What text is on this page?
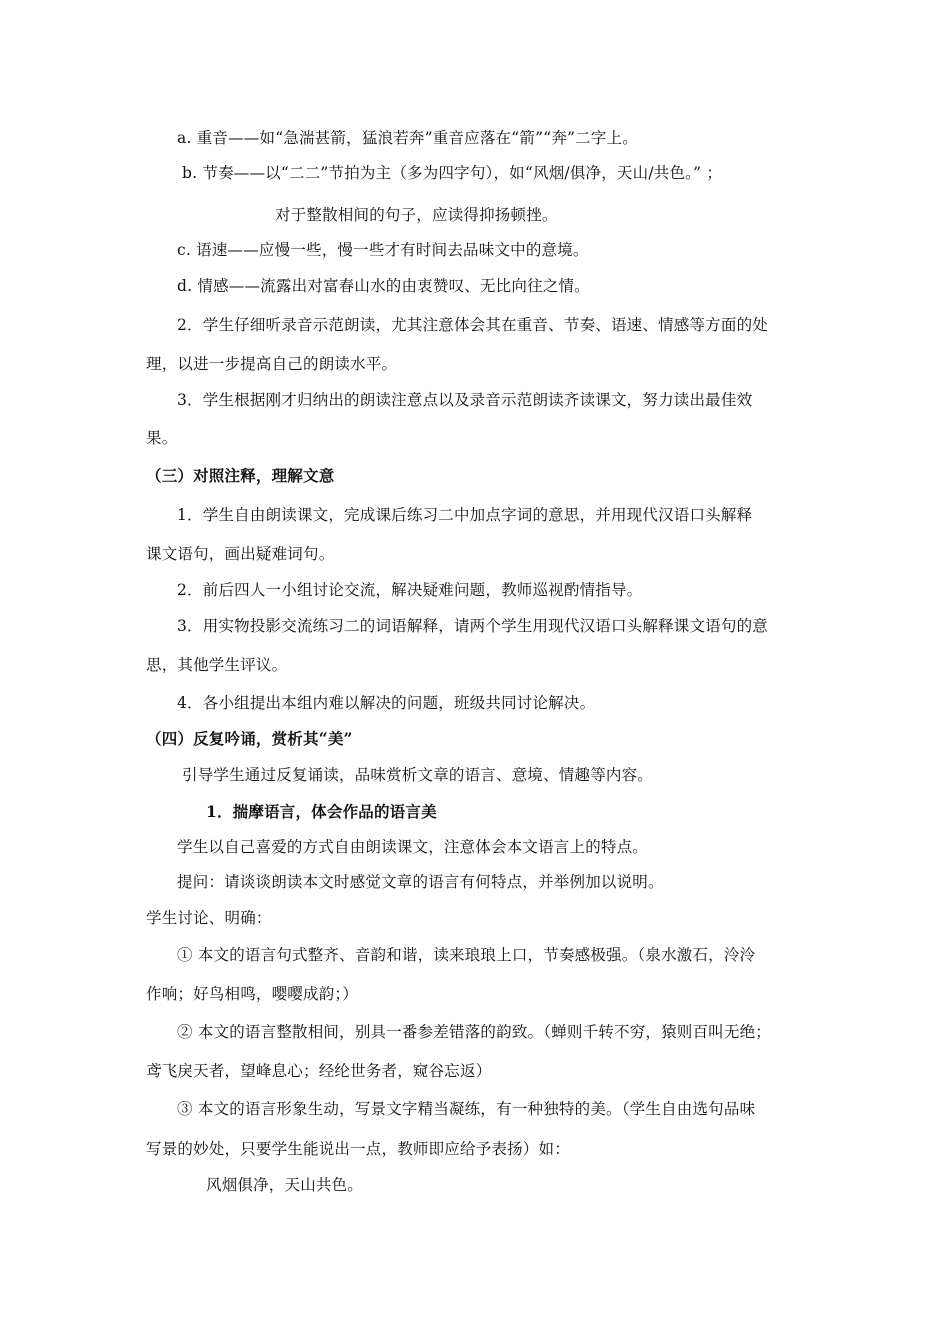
a. 重音——如“急湍甚箭，猛浪若奔”重音应落在“箭”“奔”二字上。
b. 节奏——以“二二”节拍为主（多为四字句），如“风烟/俱净，天山/共色。” ；
对于整散相间的句子，应读得抑扬顿挫。
c. 语速——应慢一些，慢一些才有时间去品味文中的意境。
d. 情感——流露出对富春山水的由衷赞叹、无比向往之情。
2．学生仔细听录音示范朗读，尤其注意体会其在重音、节奏、语速、情感等方面的处
理，以进一步提高自己的朗读水平。
3．学生根据刚才归纳出的朗读注意点以及录音示范朗读齐读课文，努力读出最佳效
果。
（三）对照注释，理解文意
1．学生自由朗读课文，完成课后练习二中加点字词的意思，并用现代汉语口头解释
课文语句，画出疑难词句。
2．前后四人一小组讨论交流，解决疑难问题，教师巡视酌情指导。
3．用实物投影交流练习二的词语解释，请两个学生用现代汉语口头解释课文语句的意
思，其他学生评议。
4．各小组提出本组内难以解决的问题，班级共同讨论解决。
（四）反复吟诵，赏析其“美”
引导学生通过反复诵读，品味赏析文章的语言、意境、情趣等内容。
1．揣摩语言，体会作品的语言美
学生以自己喜爱的方式自由朗读课文，注意体会本文语言上的特点。
提问：请谈谈朗读本文时感觉文章的语言有何特点，并举例加以说明。
学生讨论、明确：
① 本文的语言句式整齐、音韵和谐，读来琅琅上口，节奏感极强。（泉水激石，泠泠
作响；好鸟相鸣，嘤嘤成韵；）
② 本文的语言整散相间，别具一番参差错落的韵致。（蝉则千转不穷，猿则百叫无绝；
鸢飞戾天者，望峰息心；经纶世务者，窥谷忘返）
③ 本文的语言形象生动，写景文字精当凝练，有一种独特的美。（学生自由选句品味
写景的妙处，只要学生能说出一点，教师即应给予表扬）如：
风烟俱净，天山共色。
